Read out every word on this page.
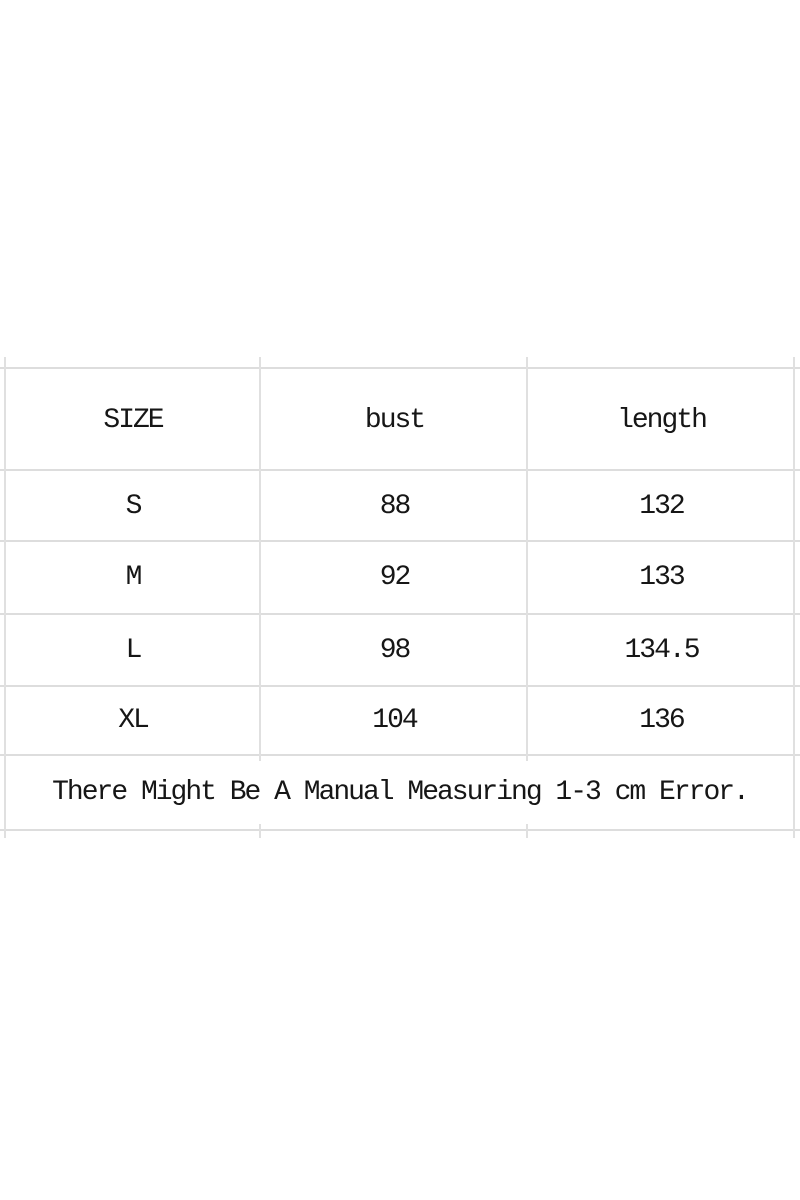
SIZE	bust	length
S	88	132
M	92	133
L	98	134.5
XL	104	136
There Might Be A Manual Measuring 1-3 cm Error.
